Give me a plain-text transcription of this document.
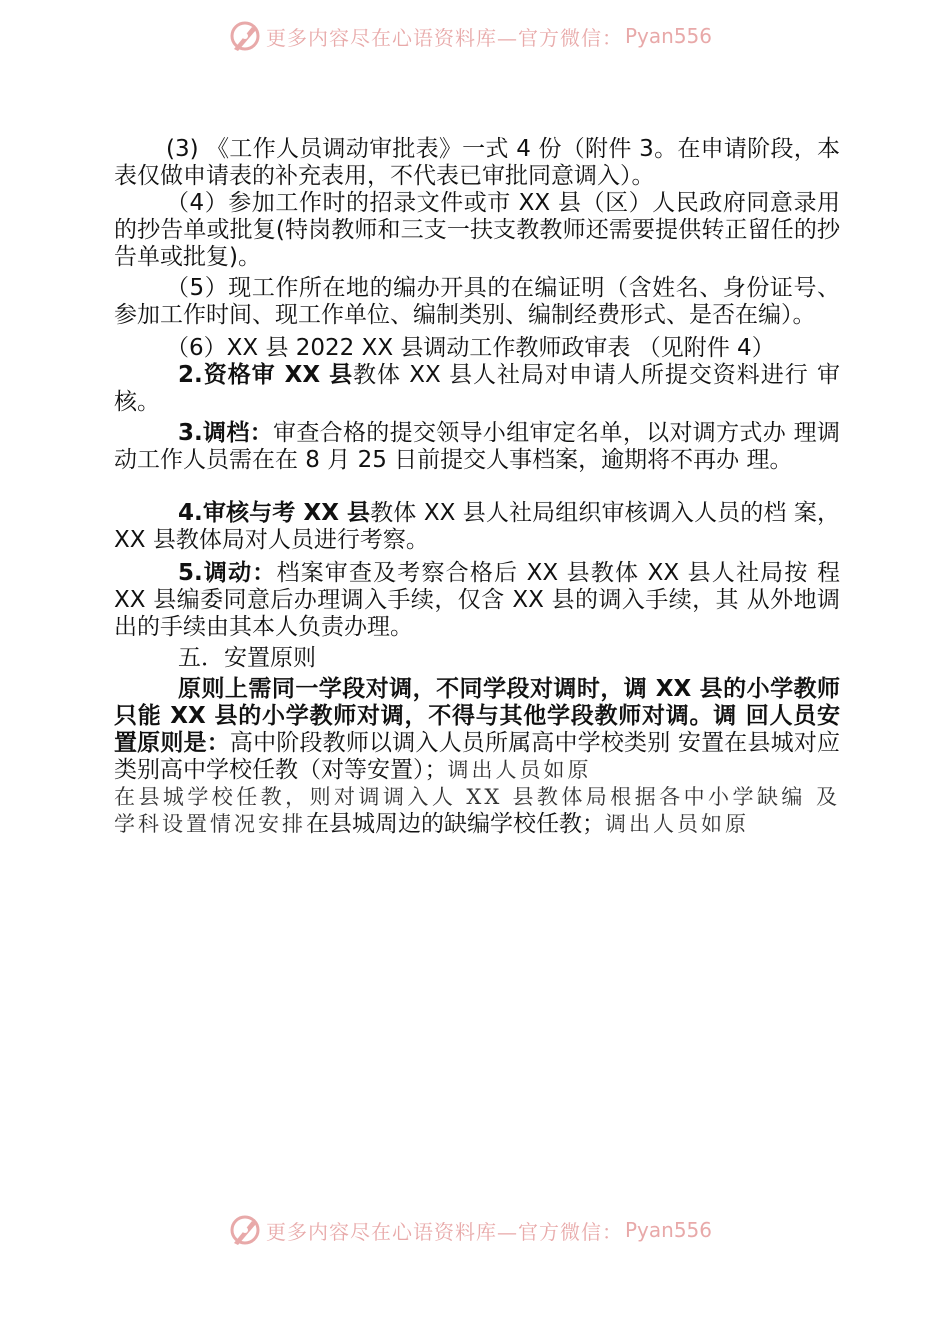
更多内容尽在心语资料库—官方微信： Pyan556

(3) 《工作人员调动审批表》一式 4 份（附件 3。在申请阶段，本表仅做申请表的补充表用，不代表已审批同意调入）。

（4）参加工作时的招录文件或市 XX 县（区）人民政府同意录用的抄告单或批复(特岗教师和三支一扶支教教师还需要提供转正留任的抄告单或批复)。

（5）现工作所在地的编办开具的在编证明（含姓名、身份证号、参加工作时间、现工作单位、编制类别、编制经费形式、是否在编）。

（6）XX 县 2022 XX 县调动工作教师政审表 （见附件 4）

2.资格审 XX 县教体 XX 县人社局对申请人所提交资料进行 审核。

3.调档：审查合格的提交领导小组审定名单，以对调方式办 理调动工作人员需在在 8 月 25 日前提交人事档案，逾期将不再办 理。

4.审核与考 XX 县教体 XX 县人社局组织审核调入人员的档 案，XX 县教体局对人员进行考察。

5.调动：档案审查及考察合格后 XX 县教体 XX 县人社局按 程 XX 县编委同意后办理调入手续，仅含 XX 县的调入手续，其 从外地调出的手续由其本人负责办理。

五．安置原则

原则上需同一学段对调，不同学段对调时，调 XX 县的小学教师只能 XX 县的小学教师对调，不得与其他学段教师对调。调 回人员安置原则是：高中阶段教师以调入人员所属高中学校类别 安置在县城对应类别高中学校任教（对等安置）；调出人员如原
在县城学校任教，则对调调入人 XX 县教体局根据各中小学缺编 及学科设置情况安排在县城周边的缺编学校任教；调出人员如原

更多内容尽在心语资料库—官方微信： Pyan556
